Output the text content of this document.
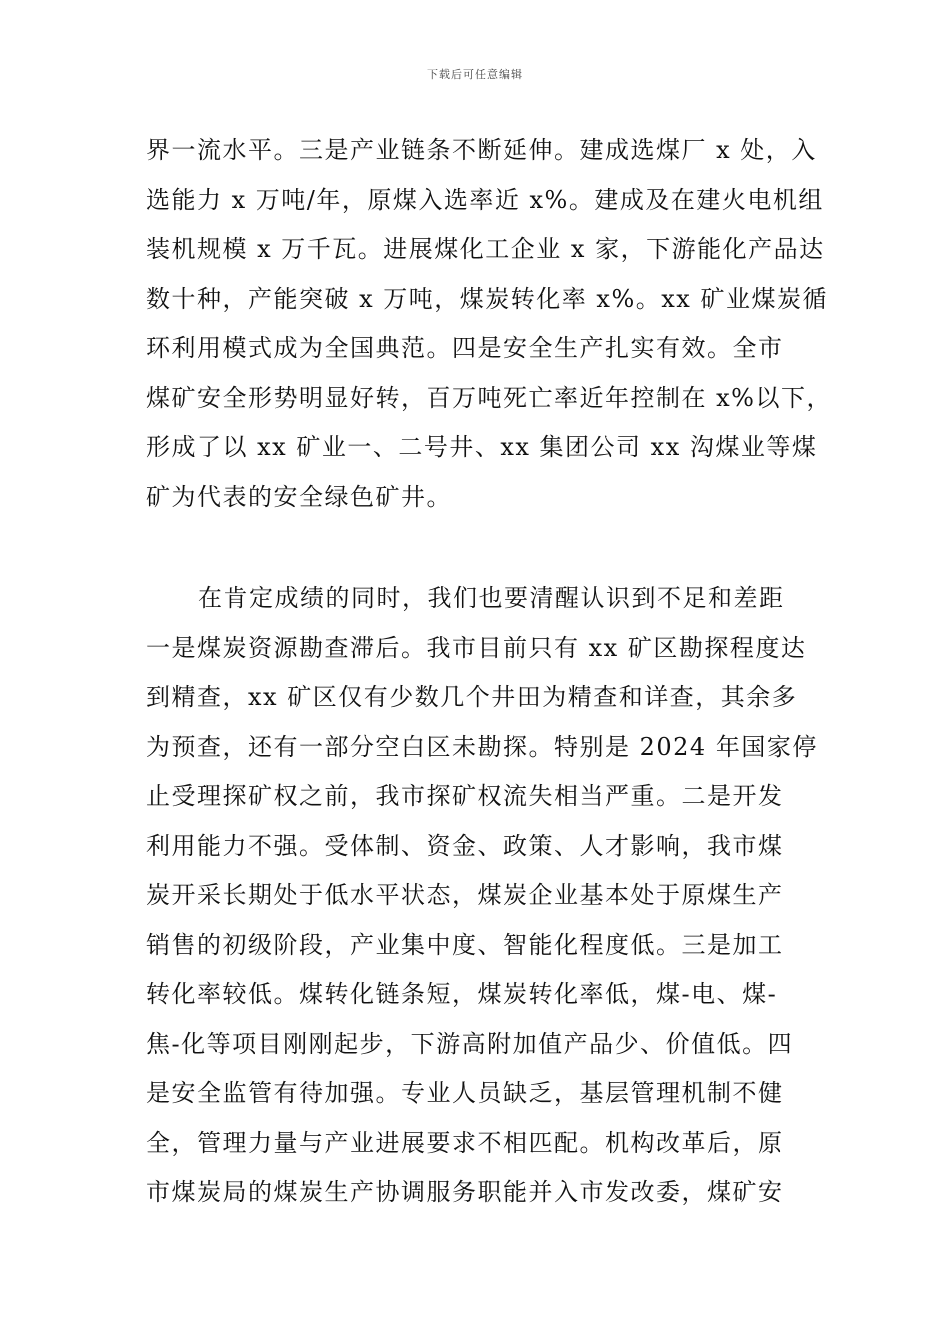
下载后可任意编辑
界一流水平。三是产业链条不断延伸。建成选煤厂 x 处，入
选能力 x 万吨/年，原煤入选率近 x%。建成及在建火电机组
装机规模 x 万千瓦。进展煤化工企业 x 家，下游能化产品达
数十种，产能突破 x 万吨，煤炭转化率 x%。xx 矿业煤炭循
环利用模式成为全国典范。四是安全生产扎实有效。全市
煤矿安全形势明显好转，百万吨死亡率近年控制在 x%以下，
形成了以 xx 矿业一、二号井、xx 集团公司 xx 沟煤业等煤
矿为代表的安全绿色矿井。
在肯定成绩的同时，我们也要清醒认识到不足和差距
一是煤炭资源勘查滞后。我市目前只有 xx 矿区勘探程度达
到精查，xx 矿区仅有少数几个井田为精查和详查，其余多
为预查，还有一部分空白区未勘探。特别是 2024 年国家停
止受理探矿权之前，我市探矿权流失相当严重。二是开发
利用能力不强。受体制、资金、政策、人才影响，我市煤
炭开采长期处于低水平状态，煤炭企业基本处于原煤生产
销售的初级阶段，产业集中度、智能化程度低。三是加工
转化率较低。煤转化链条短，煤炭转化率低，煤-电、煤-
焦-化等项目刚刚起步，下游高附加值产品少、价值低。四
是安全监管有待加强。专业人员缺乏，基层管理机制不健
全，管理力量与产业进展要求不相匹配。机构改革后，原
市煤炭局的煤炭生产协调服务职能并入市发改委，煤矿安
